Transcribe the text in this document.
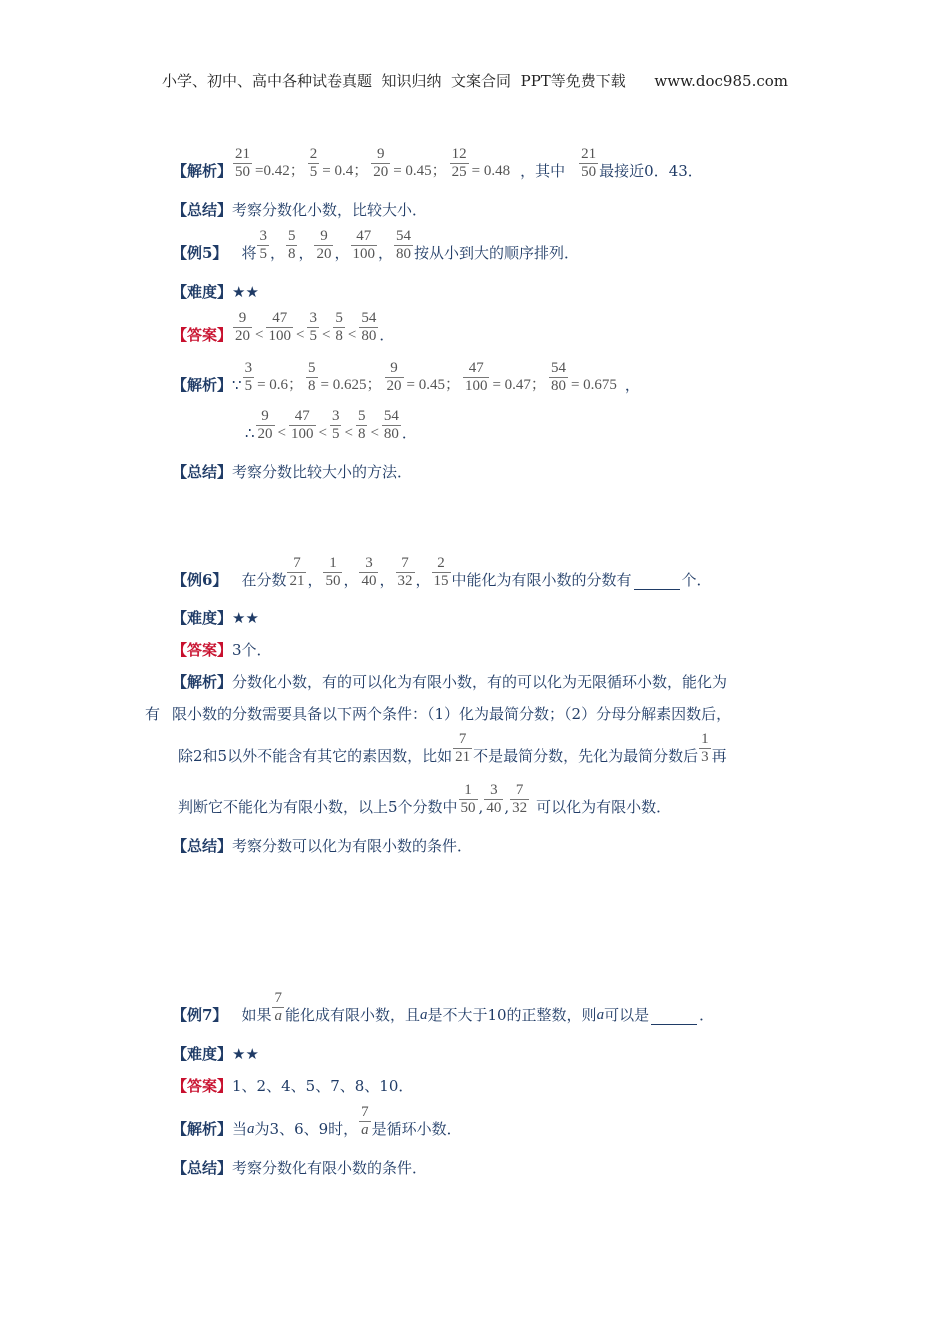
小学、初中、高中各种试卷真题  知识归纳  文案合同  PPT等免费下载      www.doc985.com
【解析】 $\frac{21}{50} =0.42$； $\frac{2}{5} = 0.4$； $\frac{9}{20} = 0.45$； $\frac{12}{25} = 0.48$ ，其中 $\frac{21}{50}$ 最接近0．43．
【总结】 考察分数化小数，比较大小．
【例5】 将 $\frac{3}{5}$ ， $\frac{5}{8}$ ， $\frac{9}{20}$ ， $\frac{47}{100}$ ， $\frac{54}{80}$ 按从小到大的顺序排列．
【难度】 ★★
【答案】 $\frac{9}{20} < \frac{47}{100} < \frac{3}{5} < \frac{5}{8} < \frac{54}{80}$ ．
【解析】 ∵ $\frac{3}{5} = 0.6$； $\frac{5}{8} = 0.625$； $\frac{9}{20} = 0.45$； $\frac{47}{100} = 0.47$； $\frac{54}{80} = 0.675$ ，
∴ $\frac{9}{20} < \frac{47}{100} < \frac{3}{5} < \frac{5}{8} < \frac{54}{80}$ ．
【总结】 考察分数比较大小的方法．
【例6】 在分数 $\frac{7}{21}$ ， $\frac{1}{50}$ ， $\frac{3}{40}$ ， $\frac{7}{32}$ ， $\frac{2}{15}$ 中能化为有限小数的分数有	个．
【难度】 ★★
【答案】 3个．
【解析】 分数化小数，有的可以化为有限小数，有的可以化为无限循环小数，能化为
有 限小数的分数需要具备以下两个条件：（1）化为最简分数；（2）分母分解素因数后，
除2和5以外不能含有其它的素因数，比如 $\frac{7}{21}$ 不是最简分数，先化为最简分数后 $\frac{1}{3}$ 再
判断它不能化为有限小数，以上5个分数中 $\frac{1}{50}$ , $\frac{3}{40}$ , $\frac{7}{32}$ 可以化为有限小数．
【总结】 考察分数可以化为有限小数的条件．
【例7】 如果 $\frac{7}{a}$ 能化成有限小数，且 a 是不大于10的正整数，则 a 可以是	．
【难度】 ★★
【答案】 1、2、4、5、7、8、10．
【解析】 当 a 为3、6、9时， $\frac{7}{a}$ 是循环小数．
【总结】 考察分数化有限小数的条件．
